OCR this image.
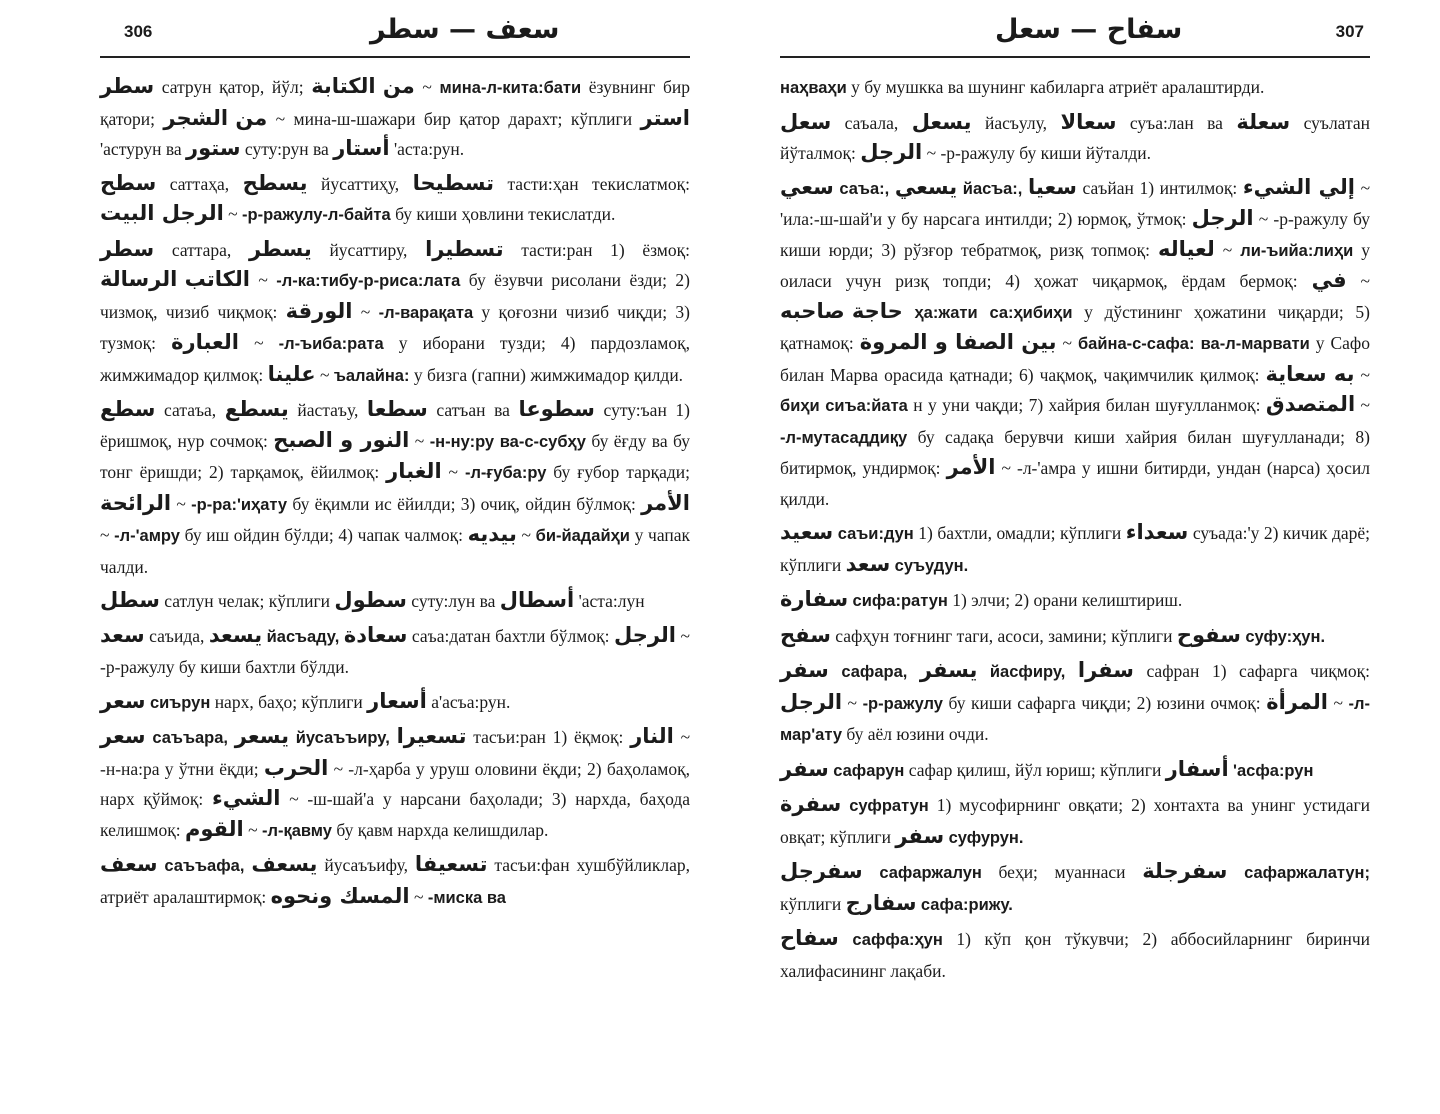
306	سعف — سطر

سطر сатрун қатор, йўл; من الكتابة ~ мина-л-кита:бати ёзувнинг бир қатори; من الشجر ~ мина-ш-шажари бир қатор дарахт; кўплиги استر 'астурун ва ستور суту:рун ва أستار 'аста:рун.

سطح саттаҳа, يسطح йусаттиҳу, تسطيحا тасти:ҳан текислатмоқ: الرجل البيت ~ -р-ражулу-л-байта бу киши ҳовлини текислатди.

سطر саттара, يسطر йусаттиру, تسطيرا тасти:ран 1) ёзмоқ: الكاتب الرسالة ~ -л-ка:тибу-р-риса:лата бу ёзувчи рисолани ёзди; 2) чизмоқ, чизиб чиқмоқ: الورقة ~ -л-варақата у қоғозни чизиб чиқди; 3) тузмоқ: العبارة ~ -л-ъиба:рата у иборани тузди; 4) пардозламоқ, жимжимадор қилмоқ: علينا ~ ъалайна: у бизга (гапни) жимжимадор қилди.

سطع сатаъа, يسطع йастаъу, سطعا сатъан ва سطوعا суту:ъан 1) ёришмоқ, нур сочмоқ: النور و الصبح ~ -н-ну:ру ва-с-субҳу бу ёғду ва бу тонг ёришди; 2) тарқамоқ, ёйилмоқ: الغبار ~ -л-ғуба:ру бу ғубор тарқади; الرائحة ~ -р-ра:'иҳату бу ёқимли ис ёйилди; 3) очиқ, ойдин бўлмоқ: الأمر ~ -л-'амру бу иш ойдин бўлди; 4) чапак чалмоқ: بيديه ~ би-йадайҳи у чапак чалди.

سطل сатлун челак; кўплиги سطول суту:лун ва أسطال 'аста:лун

سعد саъида, يسعد йасъаду, سعادة саъа:датан бахтли бўлмоқ: الرجل ~ -р-ражулу бу киши бахтли бўлди.

سعر сиърун нарх, баҳо; кўплиги أسعار а'асъа:рун.

سعر саъъара, يسعر йусаъъиру, تسعيرا тасъи:ран 1) ёқмоқ: النار ~ -н-на:ра у ўтни ёқди; الحرب ~ -л-ҳарба у уруш оловини ёқди; 2) баҳоламоқ, нарх қўймоқ: الشيء ~ -ш-шай'а у нарсани баҳолади; 3) нархда, баҳода келишмоқ: القوم ~ -л-қавму бу қавм нархда келишдилар.

سعف саъъафа, يسعف йусаъъифу, تسعيفا тасъи:фан хушбўйликлар, атриёт аралаштирмоқ: المسك ونحوه ~ -миска ва

سفاح — سعل	307

наҳваҳи у бу мушкка ва шунинг кабиларга атриёт аралаштирди.

سعل саъала, يسعل йасъулу, سعالا суъа:лан ва سعلة суълатан йўталмоқ: الرجل ~ -р-ражулу бу киши йўталди.

سعي саъа:, يسعي йасъа:, سعيا саъйан 1) интилмоқ: إلي الشيء ~ 'ила:-ш-шай'и у бу нарсага интилди; 2) юрмоқ, ўтмоқ: الرجل ~ -р-ражулу бу киши юрди; 3) рўзғор тебратмоқ, ризқ топмоқ: لعياله ~ ли-ъийа:лиҳи у оиласи учун ризқ топди; 4) ҳожат чиқармоқ, ёрдам бермоқ: في ~ حاجة صاحبه ҳа:жати са:ҳибиҳи у дўстининг ҳожатини чиқарди; 5) қатнамоқ: بين الصفا و المروة ~ байна-с-сафа: ва-л-марвати у Сафо билан Марва орасида қатнади; 6) чақмоқ, чақимчилик қилмоқ: به سعاية ~ биҳи сиъа:йата н у уни чақди; 7) хайрия билан шуғулланмоқ: المتصدق ~ -л-мутасаддиқу бу садақа берувчи киши хайрия билан шуғулланади; 8) битирмоқ, ундирмоқ: الأمر ~ -л-'амра у ишни битирди, ундан (нарса) ҳосил қилди.

سعيد саъи:дун 1) бахтли, омадли; кўплиги سعداء суъада:'у 2) кичик дарё; кўплиги سعد суъудун.

سفارة сифа:ратун 1) элчи; 2) орани келиштириш.

سفح сафҳун тоғнинг таги, асоси, замини; кўплиги سفوح суфу:ҳун.

سفر сафара, يسفر йасфиру, سفرا сафран 1) сафарга чиқмоқ: الرجل ~ -р-ражулу бу киши сафарга чиқди; 2) юзини очмоқ: المرأة ~ -л-мар'ату бу аёл юзини очди.

سفر сафарун сафар қилиш, йўл юриш; кўплиги أسفار 'асфа:рун

سفرة суфратун 1) мусофирнинг овқати; 2) хонтахта ва унинг устидаги овқат; кўплиги سفر суфурун.

سفرجل сафаржалун беҳи; муаннаси سفرجلة сафаржалатун; кўплиги سفارج сафа:рижу.

سفاح саффа:ҳун 1) кўп қон тўкувчи; 2) аббосийларнинг биринчи халифасининг лақаби.
